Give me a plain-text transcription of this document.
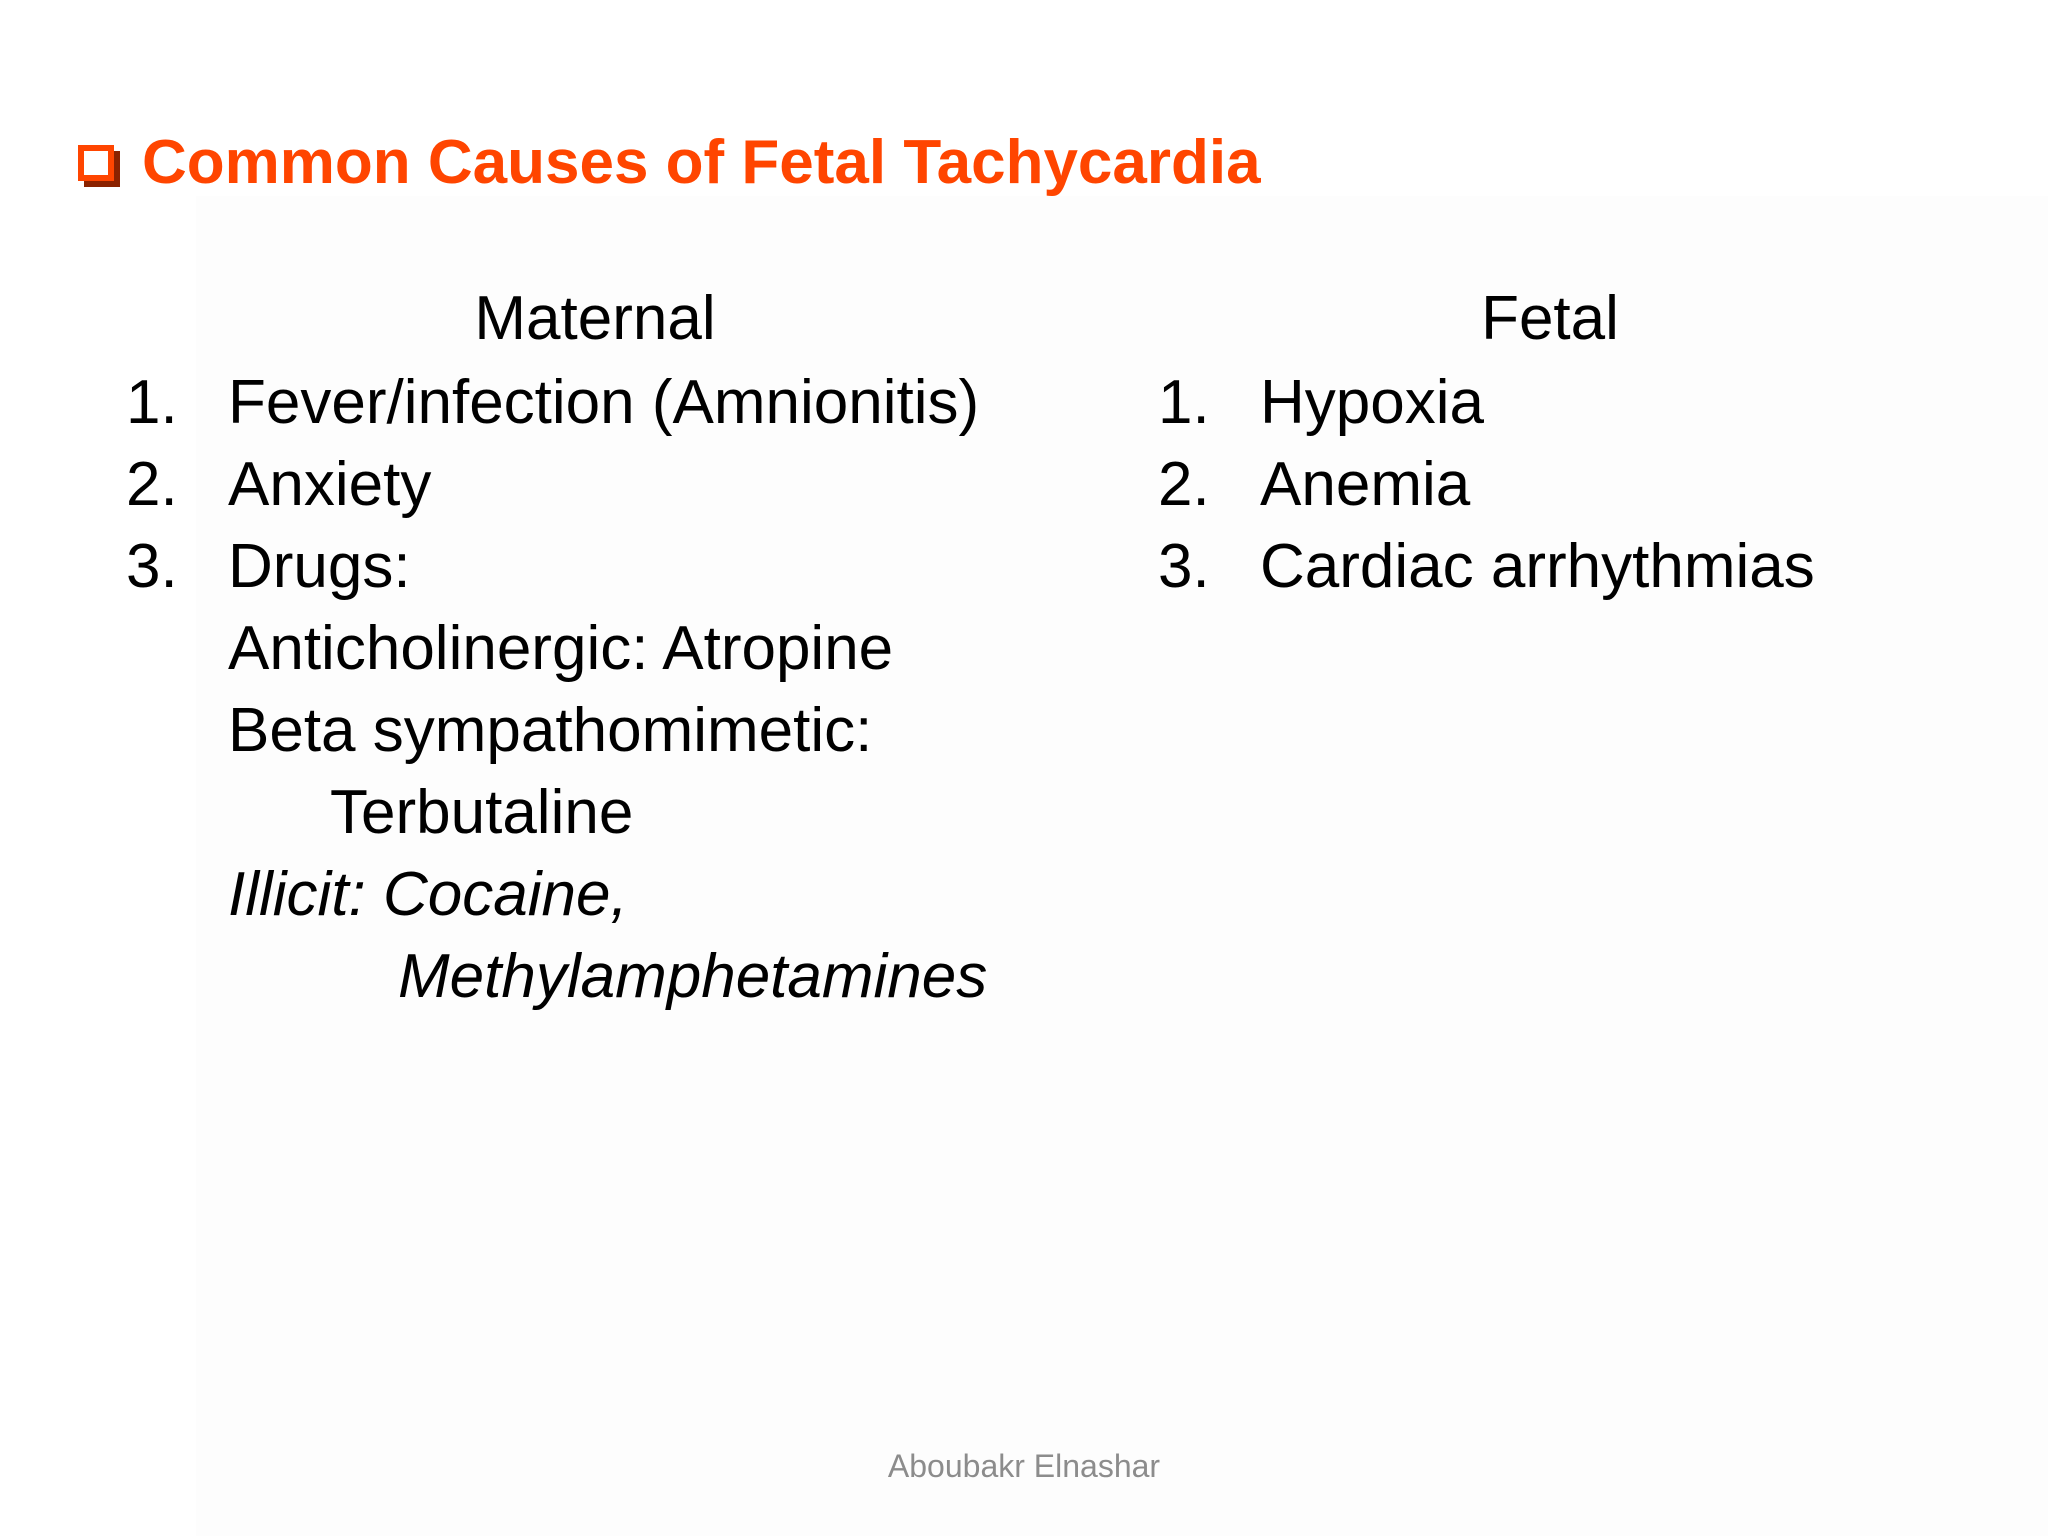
Common Causes of Fetal Tachycardia
Maternal
1. Fever/infection (Amnionitis)
2. Anxiety
3. Drugs:
Anticholinergic: Atropine
Beta sympathomimetic:
Terbutaline
Illicit: Cocaine,
Methylamphetamines
Fetal
1. Hypoxia
2. Anemia
3. Cardiac arrhythmias
Aboubakr Elnashar
